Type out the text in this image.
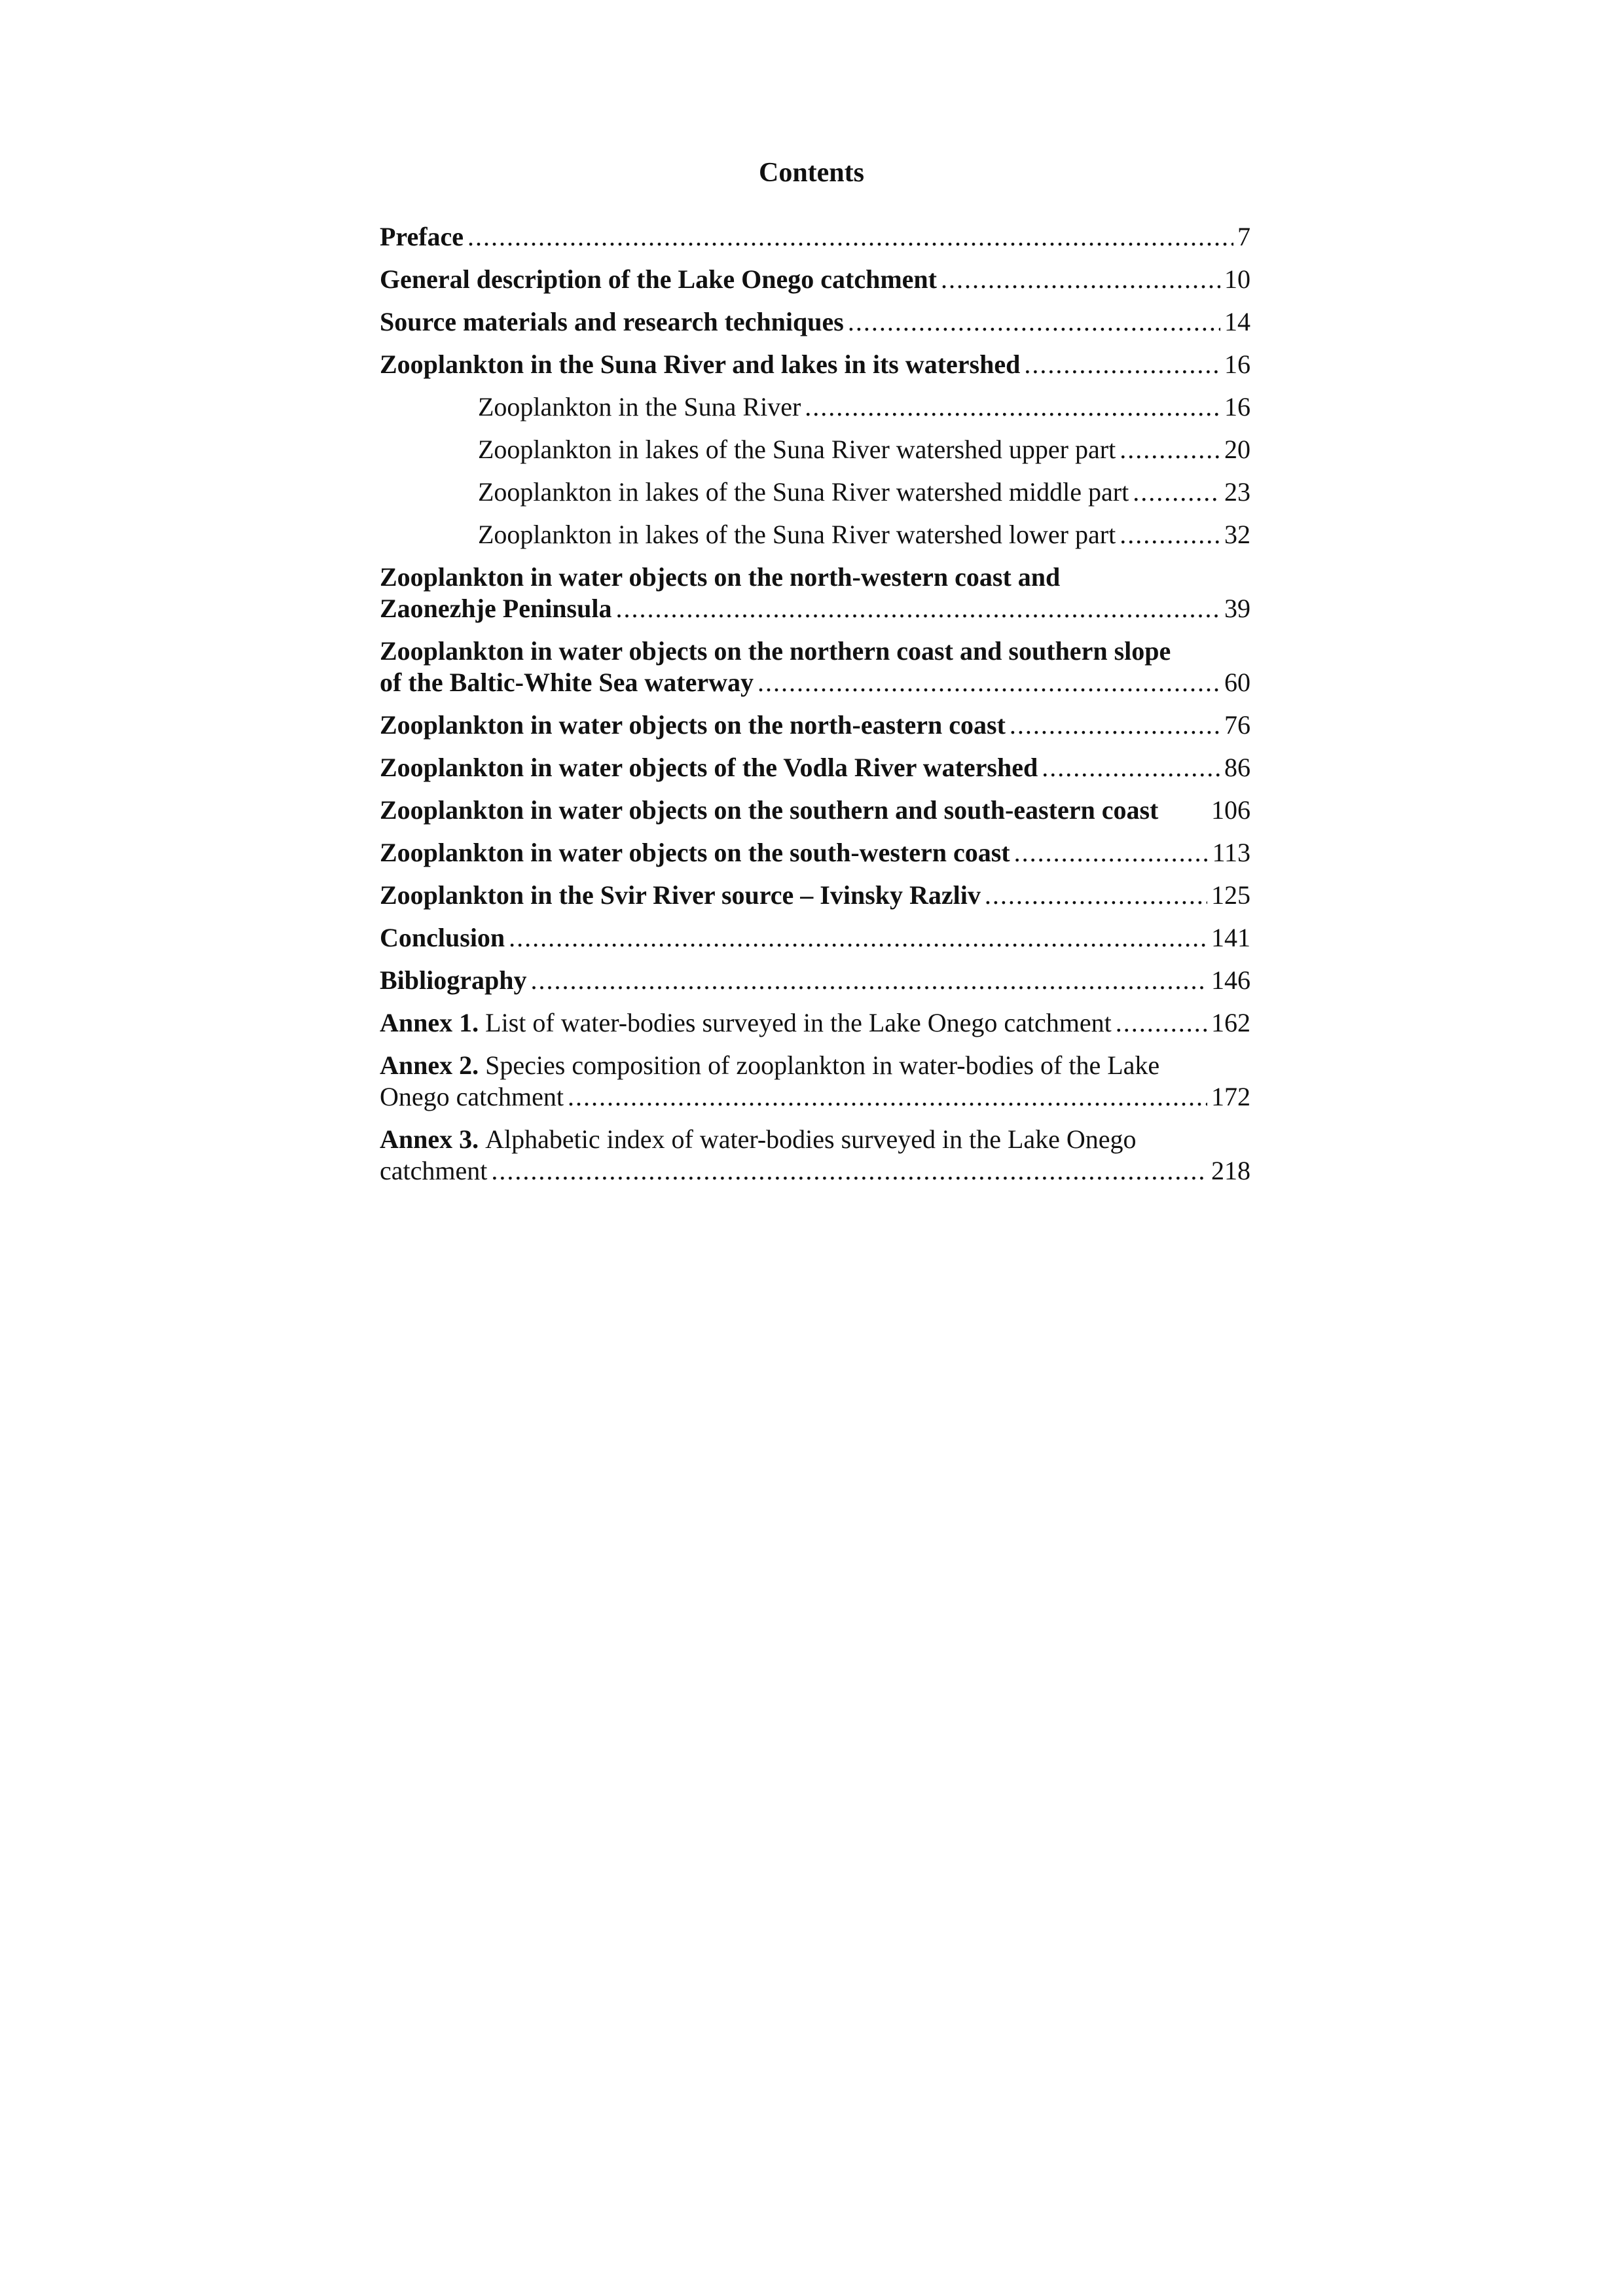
Contents
Preface .....	7
General description of the Lake Onego catchment .....	10
Source materials and research techniques .....	14
Zooplankton in the Suna River and lakes in its watershed .....	16
Zooplankton in the Suna River .....	16
Zooplankton in lakes of the Suna River watershed upper part .....	20
Zooplankton in lakes of the Suna River watershed middle part .....	23
Zooplankton in lakes of the Suna River watershed lower part .....	32
Zooplankton in water objects on the north-western coast and
Zaonezhje Peninsula .....	39
Zooplankton in water objects on the northern coast and southern slope
of the Baltic-White Sea waterway .....	60
Zooplankton in water objects on the north-eastern coast .....	76
Zooplankton in water objects of the Vodla River watershed .....	86
Zooplankton in water objects on the southern and south-eastern coast 106
Zooplankton in water objects on the south-western coast .....	113
Zooplankton in the Svir River source – Ivinsky Razliv .....	125
Conclusion .....	141
Bibliography .....	146
Annex 1.
List of water-bodies surveyed in the Lake Onego catchment .....	162
Annex 2. Species composition of zooplankton in water-bodies of the Lake
Onego catchment .....	172
Annex 3. Alphabetic index of water-bodies surveyed in the Lake Onego
catchment .....	218
